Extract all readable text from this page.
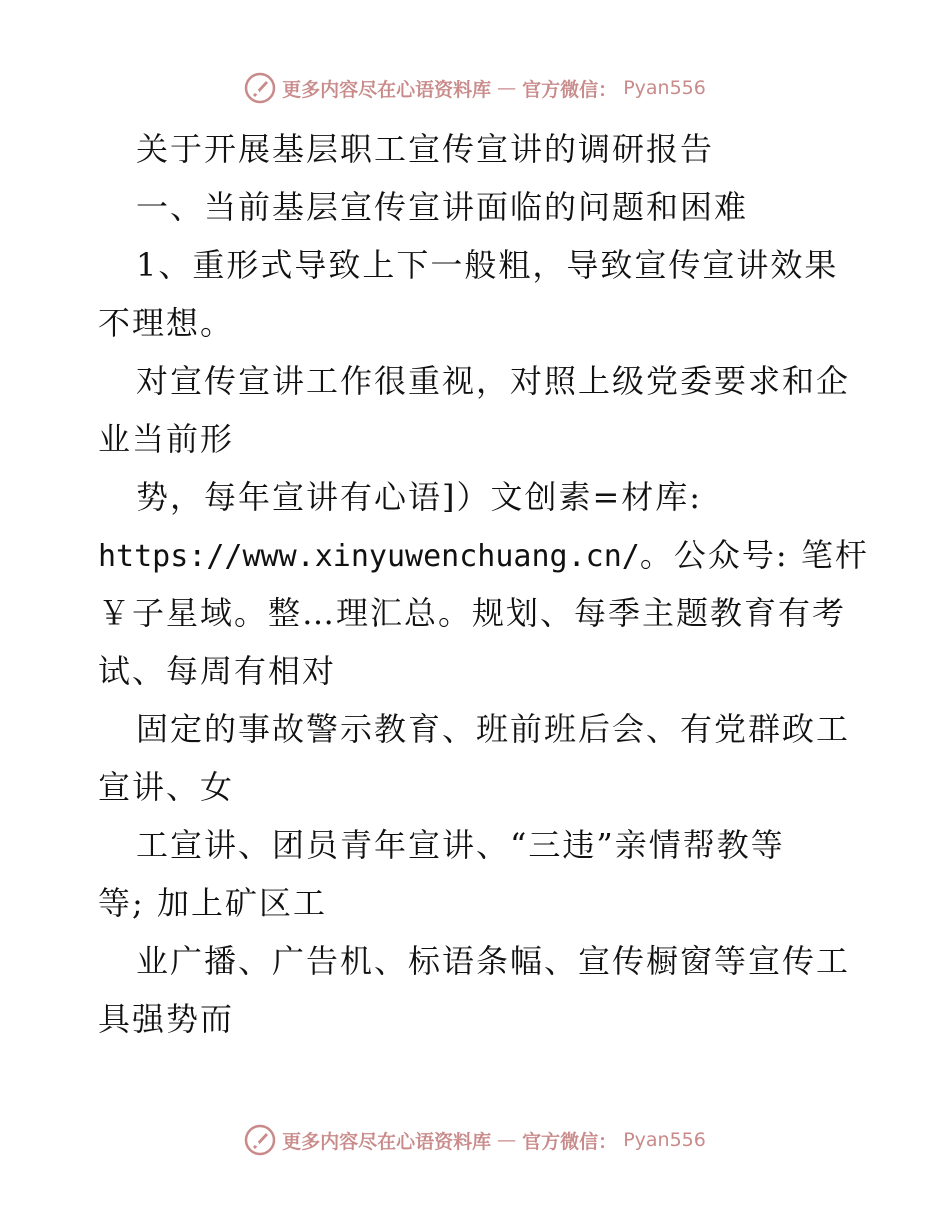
更多内容尽在心语资料库 — 官方微信： Pyan556
关于开展基层职工宣传宣讲的调研报告
一、当前基层宣传宣讲面临的问题和困难
1、重形式导致上下一般粗，导致宣传宣讲效果
不理想。
对宣传宣讲工作很重视，对照上级党委要求和企
业当前形
势，每年宣讲有心语]）文创素=材库:
https://www.xinyuwenchuang.cn/。公众号: 笔杆
￥子星域。整…理汇总。规划、每季主题教育有考
试、每周有相对
固定的事故警示教育、班前班后会、有党群政工
宣讲、女
工宣讲、团员青年宣讲、“三违”亲情帮教等
等; 加上矿区工
业广播、广告机、标语条幅、宣传橱窗等宣传工
具强势而
更多内容尽在心语资料库 — 官方微信： Pyan556
